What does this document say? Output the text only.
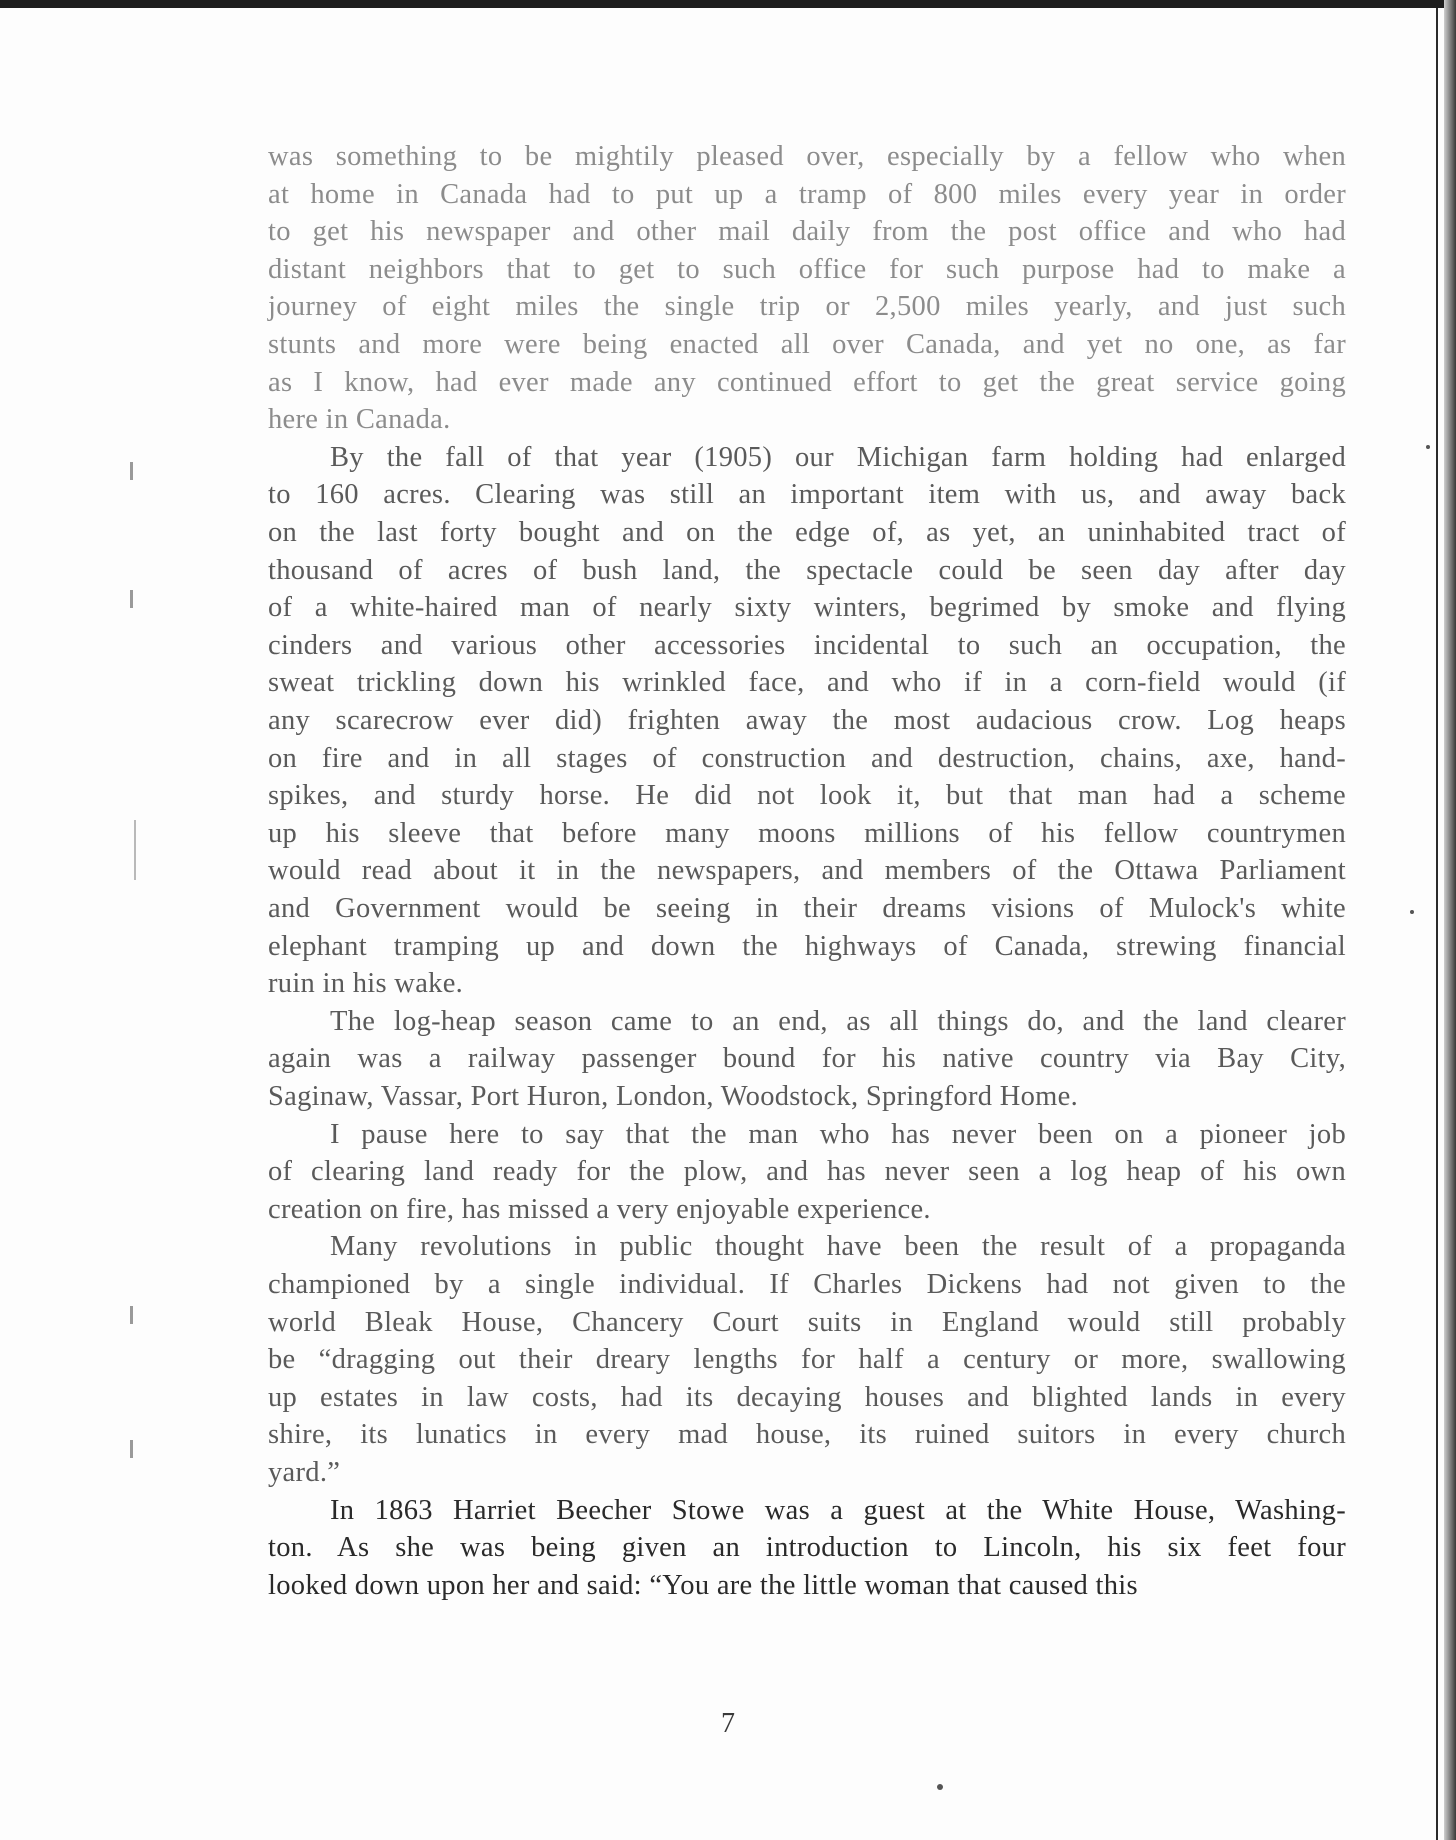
was something to be mightily pleased over, especially by a fellow who when
at home in Canada had to put up a tramp of 800 miles every year in order
to get his newspaper and other mail daily from the post office and who had
distant neighbors that to get to such office for such purpose had to make a
journey of eight miles the single trip or 2,500 miles yearly, and just such
stunts and more were being enacted all over Canada, and yet no one, as far
as I know, had ever made any continued effort to get the great service going
here in Canada.
By the fall of that year (1905) our Michigan farm holding had enlarged
to 160 acres. Clearing was still an important item with us, and away back
on the last forty bought and on the edge of, as yet, an uninhabited tract of
thousand of acres of bush land, the spectacle could be seen day after day
of a white-haired man of nearly sixty winters, begrimed by smoke and flying
cinders and various other accessories incidental to such an occupation, the
sweat trickling down his wrinkled face, and who if in a corn-field would (if
any scarecrow ever did) frighten away the most audacious crow. Log heaps
on fire and in all stages of construction and destruction, chains, axe, hand-
spikes, and sturdy horse. He did not look it, but that man had a scheme
up his sleeve that before many moons millions of his fellow countrymen
would read about it in the newspapers, and members of the Ottawa Parliament
and Government would be seeing in their dreams visions of Mulock's white
elephant tramping up and down the highways of Canada, strewing financial
ruin in his wake.
The log-heap season came to an end, as all things do, and the land clearer
again was a railway passenger bound for his native country via Bay City,
Saginaw, Vassar, Port Huron, London, Woodstock, Springford Home.
I pause here to say that the man who has never been on a pioneer job
of clearing land ready for the plow, and has never seen a log heap of his own
creation on fire, has missed a very enjoyable experience.
Many revolutions in public thought have been the result of a propaganda
championed by a single individual. If Charles Dickens had not given to the
world Bleak House, Chancery Court suits in England would still probably
be “dragging out their dreary lengths for half a century or more, swallowing
up estates in law costs, had its decaying houses and blighted lands in every
shire, its lunatics in every mad house, its ruined suitors in every church
yard.”
In 1863 Harriet Beecher Stowe was a guest at the White House, Washing-
ton. As she was being given an introduction to Lincoln, his six feet four
looked down upon her and said: “You are the little woman that caused this
7
